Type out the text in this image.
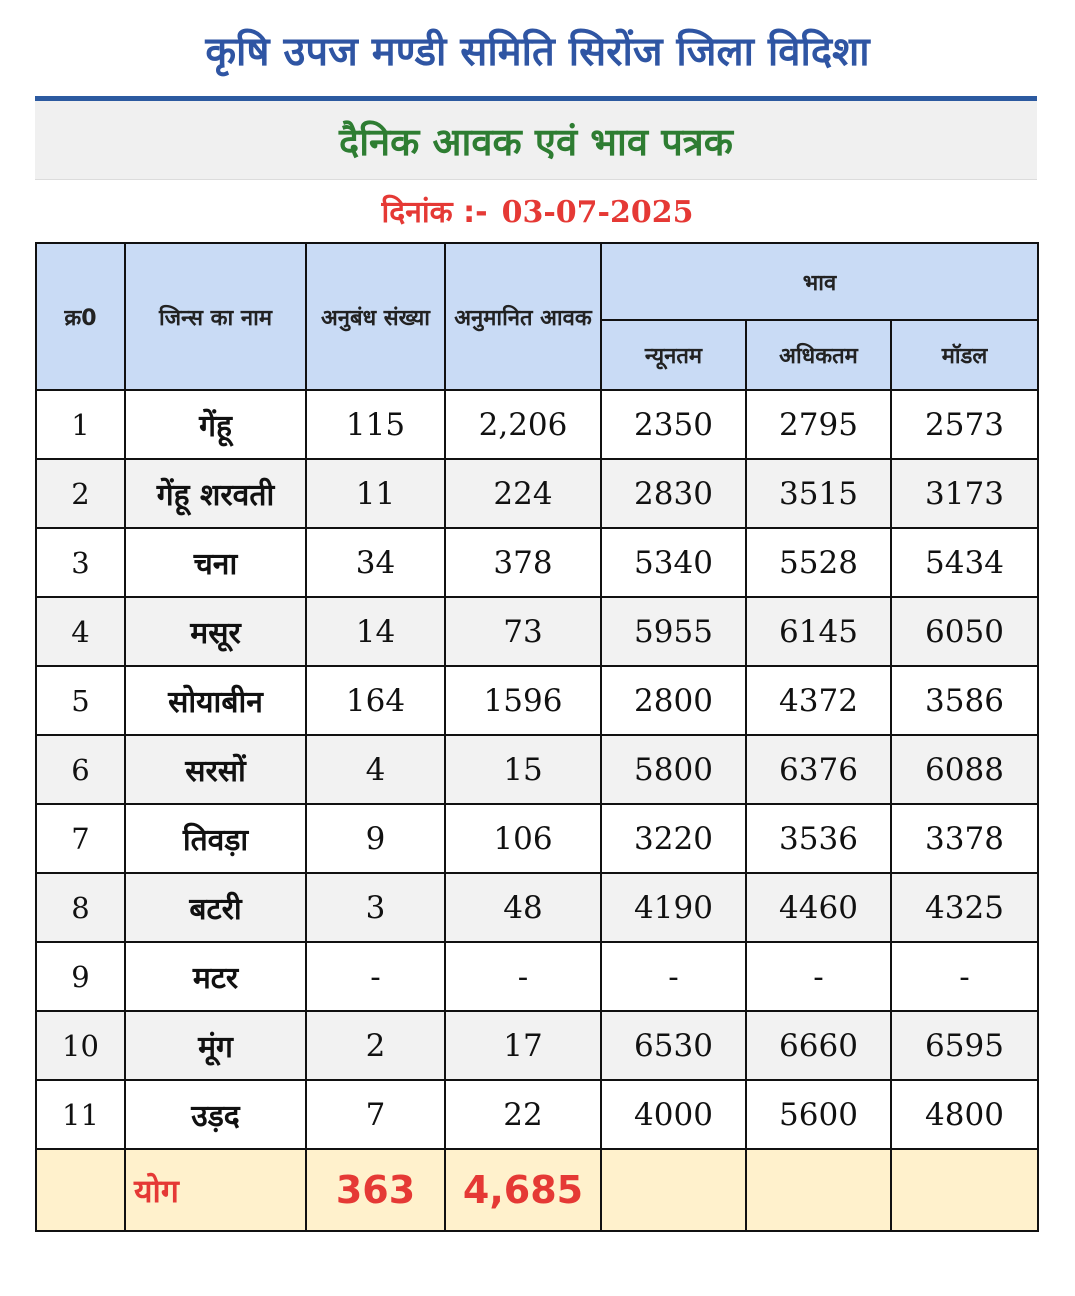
कृषि उपज मण्डी समिति सिरोंज जिला विदिशा
दैनिक आवक एवं भाव पत्रक
दिनांक :- 03-07-2025
क्र0	जिन्स का नाम	अनुबंध संख्या	अनुमानित आवक	भाव		
				न्यूनतम	अधिकतम	मॉडल
1	गेंहू	115	2,206	2350	2795	2573
2	गेंहू शरवती	11	224	2830	3515	3173
3	चना	34	378	5340	5528	5434
4	मसूर	14	73	5955	6145	6050
5	सोयाबीन	164	1596	2800	4372	3586
6	सरसों	4	15	5800	6376	6088
7	तिवड़ा	9	106	3220	3536	3378
8	बटरी	3	48	4190	4460	4325
9	मटर	-	-	-	-	-
10	मूंग	2	17	6530	6660	6595
11	उड़द	7	22	4000	5600	4800
	योग	363	4,685			
